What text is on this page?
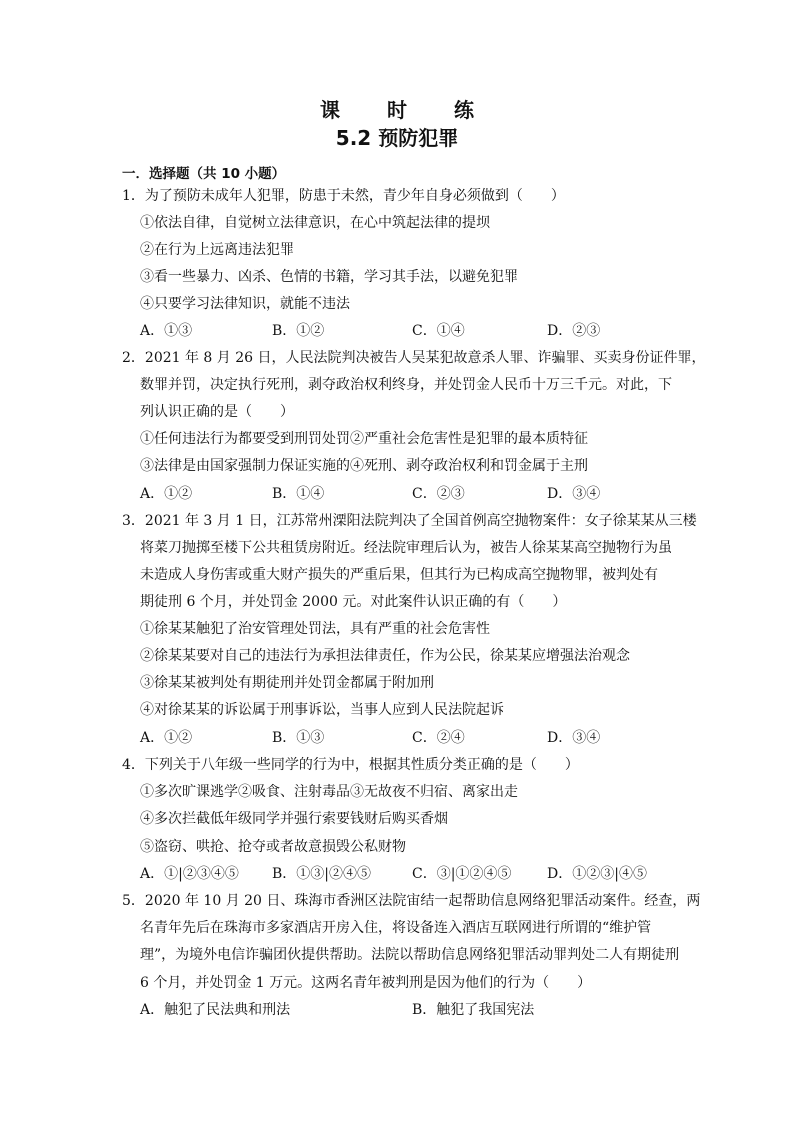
课 时 练
5.2 预防犯罪
一．选择题（共 10 小题）
1．为了预防未成年人犯罪，防患于未然，青少年自身必须做到（　　）
①依法自律，自觉树立法律意识，在心中筑起法律的提坝
②在行为上远离违法犯罪
③看一些暴力、凶杀、色情的书籍，学习其手法，以避免犯罪
④只要学习法律知识，就能不违法
A．①③	B．①②	C．①④	D．②③
2．2021 年 8 月 26 日，人民法院判决被告人吴某犯故意杀人罪、诈骗罪、买卖身份证件罪，
数罪并罚，决定执行死刑，剥夺政治权利终身，并处罚金人民币十万三千元。对此，下
列认识正确的是（　　）
①任何违法行为都要受到刑罚处罚②严重社会危害性是犯罪的最本质特征
③法律是由国家强制力保证实施的④死刑、剥夺政治权利和罚金属于主刑
A．①②	B．①④	C．②③	D．③④
3．2021 年 3 月 1 日，江苏常州溧阳法院判决了全国首例高空抛物案件：女子徐某某从三楼
将菜刀抛掷至楼下公共租赁房附近。经法院审理后认为，被告人徐某某高空抛物行为虽
未造成人身伤害或重大财产损失的严重后果，但其行为已构成高空抛物罪，被判处有
期徒刑 6 个月，并处罚金 2000 元。对此案件认识正确的有（　　）
①徐某某触犯了治安管理处罚法，具有严重的社会危害性
②徐某某要对自己的违法行为承担法律责任，作为公民，徐某某应增强法治观念
③徐某某被判处有期徒刑并处罚金都属于附加刑
④对徐某某的诉讼属于刑事诉讼，当事人应到人民法院起诉
A．①②	B．①③	C．②④	D．③④
4．下列关于八年级一些同学的行为中，根据其性质分类正确的是（　　）
①多次旷课逃学②吸食、注射毒品③无故夜不归宿、离家出走
④多次拦截低年级同学并强行索要钱财后购买香烟
⑤盗窃、哄抢、抢夺或者故意损毁公私财物
A．①|②③④⑤ B．①③|②④⑤	C．③|①②④⑤	D．①②③|④⑤
5．2020 年 10 月 20 日、珠海市香洲区法院宙结一起帮助信息网络犯罪活动案件。经查，两
名青年先后在珠海市多家酒店开房入住，将设备连入酒店互联网进行所谓的“维护管
理”，为境外电信诈骗团伙提供帮助。法院以帮助信息网络犯罪活动罪判处二人有期徒刑
6 个月，并处罚金 1 万元。这两名青年被判刑是因为他们的行为（　　）
A．触犯了民法典和刑法	B．触犯了我国宪法
